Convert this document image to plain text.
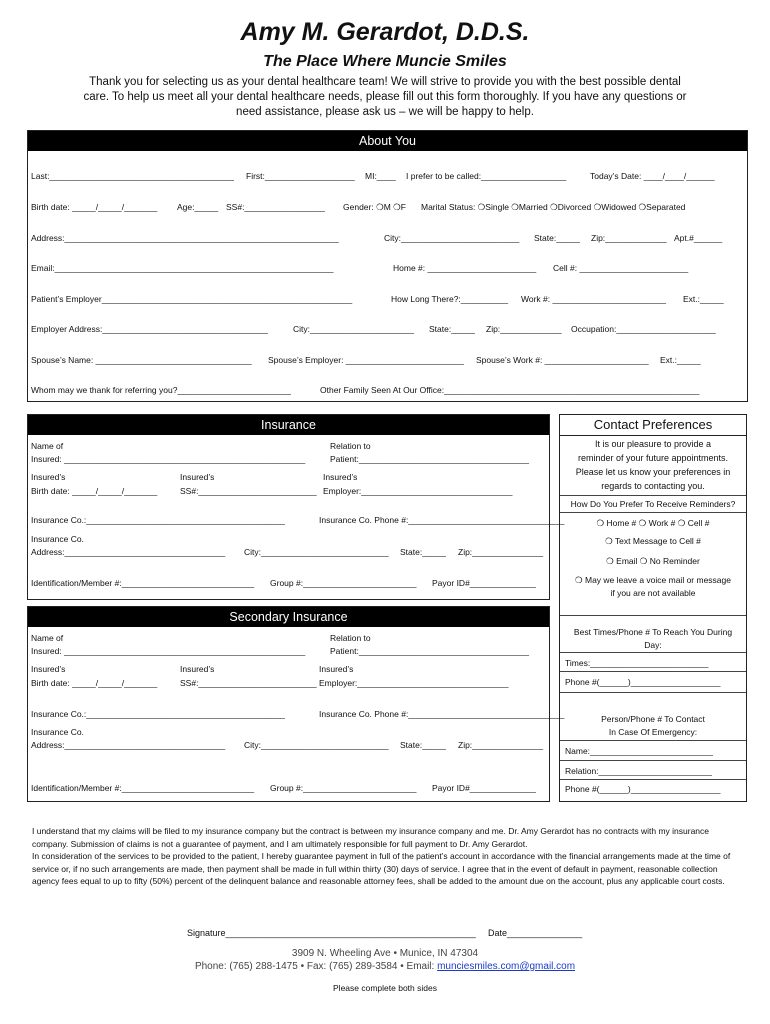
Amy M. Gerardot, D.D.S.
The Place Where Muncie Smiles
Thank you for selecting us as your dental healthcare team! We will strive to provide you with the best possible dental care. To help us meet all your dental healthcare needs, please fill out this form thoroughly. If you have any questions or need assistance, please ask us – we will be happy to help.
About You
Last:_______________________________________ First:___________________ MI:____ I prefer to be called:__________________	Today’s Date: ____/____/______
Birth date: _____/_____/_______ Age:_____ SS#:_________________ Gender: ❍M ❍F Marital Status: ❍Single ❍Married ❍Divorced ❍Widowed ❍Separated
Address:__________________________________________________________	City:_________________________ State:_____ Zip:_____________ Apt.#______
Email:___________________________________________________________	Home #: _______________________ Cell #: _______________________
Patient’s Employer_____________________________________________________	How Long There?:__________ Work #: ________________________ Ext.:_____
Employer Address:___________________________________	City:______________________ State:_____ Zip:_____________ Occupation:_____________________
Spouse’s Name: _________________________________ Spouse’s Employer: _________________________ Spouse’s Work #: ______________________ Ext.:_____
Whom may we thank for referring you?________________________	Other Family Seen At Our Office:______________________________________________________
Insurance
Name of
Insured: ___________________________________________________
Relation to
Patient:____________________________________
Insured’s
Birth date: _____/_____/_______
Insured’s
SS#:_________________________
Insured’s
Employer:________________________________
Insurance Co.:__________________________________________	Insurance Co. Phone #:_________________________________
Insurance Co.
Address:__________________________________ City:___________________________ State:_____ Zip:_______________
Identification/Member #:____________________________ Group #:________________________ Payor ID#______________
Secondary Insurance
Name of
Insured: ___________________________________________________
Relation to
Patient:____________________________________
Insured’s
Birth date: _____/_____/_______
Insured’s
SS#:_________________________
Insured’s
Employer:________________________________
Insurance Co.:__________________________________________	Insurance Co. Phone #:_________________________________
Insurance Co.
Address:__________________________________ City:___________________________ State:_____ Zip:_______________
Identification/Member #:____________________________ Group #:________________________ Payor ID#______________
Contact Preferences
It is our pleasure to provide a
reminder of your future appointments.
Please let us know your preferences in
regards to contacting you.
How Do You Prefer To Receive Reminders?
❍ Home # ❍ Work # ❍ Cell #
❍ Text Message to Cell #
❍ Email ❍ No Reminder
❍ May we leave a voice mail or message
if you are not available
Best Times/Phone # To Reach You During
Day:
Times:_________________________
Phone #(______)___________________
Person/Phone # To Contact
In Case Of Emergency:
Name:__________________________
Relation:________________________
Phone #(______)___________________

I understand that my claims will be filed to my insurance company but the contract is between my insurance company and me. Dr. Amy Gerardot has no contracts with my insurance company. Submission of claims is not a guarantee of payment, and I am ultimately responsible for full payment to Dr. Amy Gerardot.

In consideration of the services to be provided to the patient, I hereby guarantee payment in full of the patient’s account in accordance with the financial arrangements made at the time of service or, if no such arrangements are made, then payment shall be made in full within thirty (30) days of service. I agree that in the event of default in payment, reasonable collection agency fees equal to up to fifty (50%) percent of the delinquent balance and reasonable attorney fees, shall be added to the amount due on the account, plus any applicable court costs.

Signature__________________________________________________ Date_______________
3909 N. Wheeling Ave • Munice, IN 47304
Phone: (765) 288-1475 • Fax: (765) 289-3584 • Email: munciesmiles.com@gmail.com
Please complete both sides
